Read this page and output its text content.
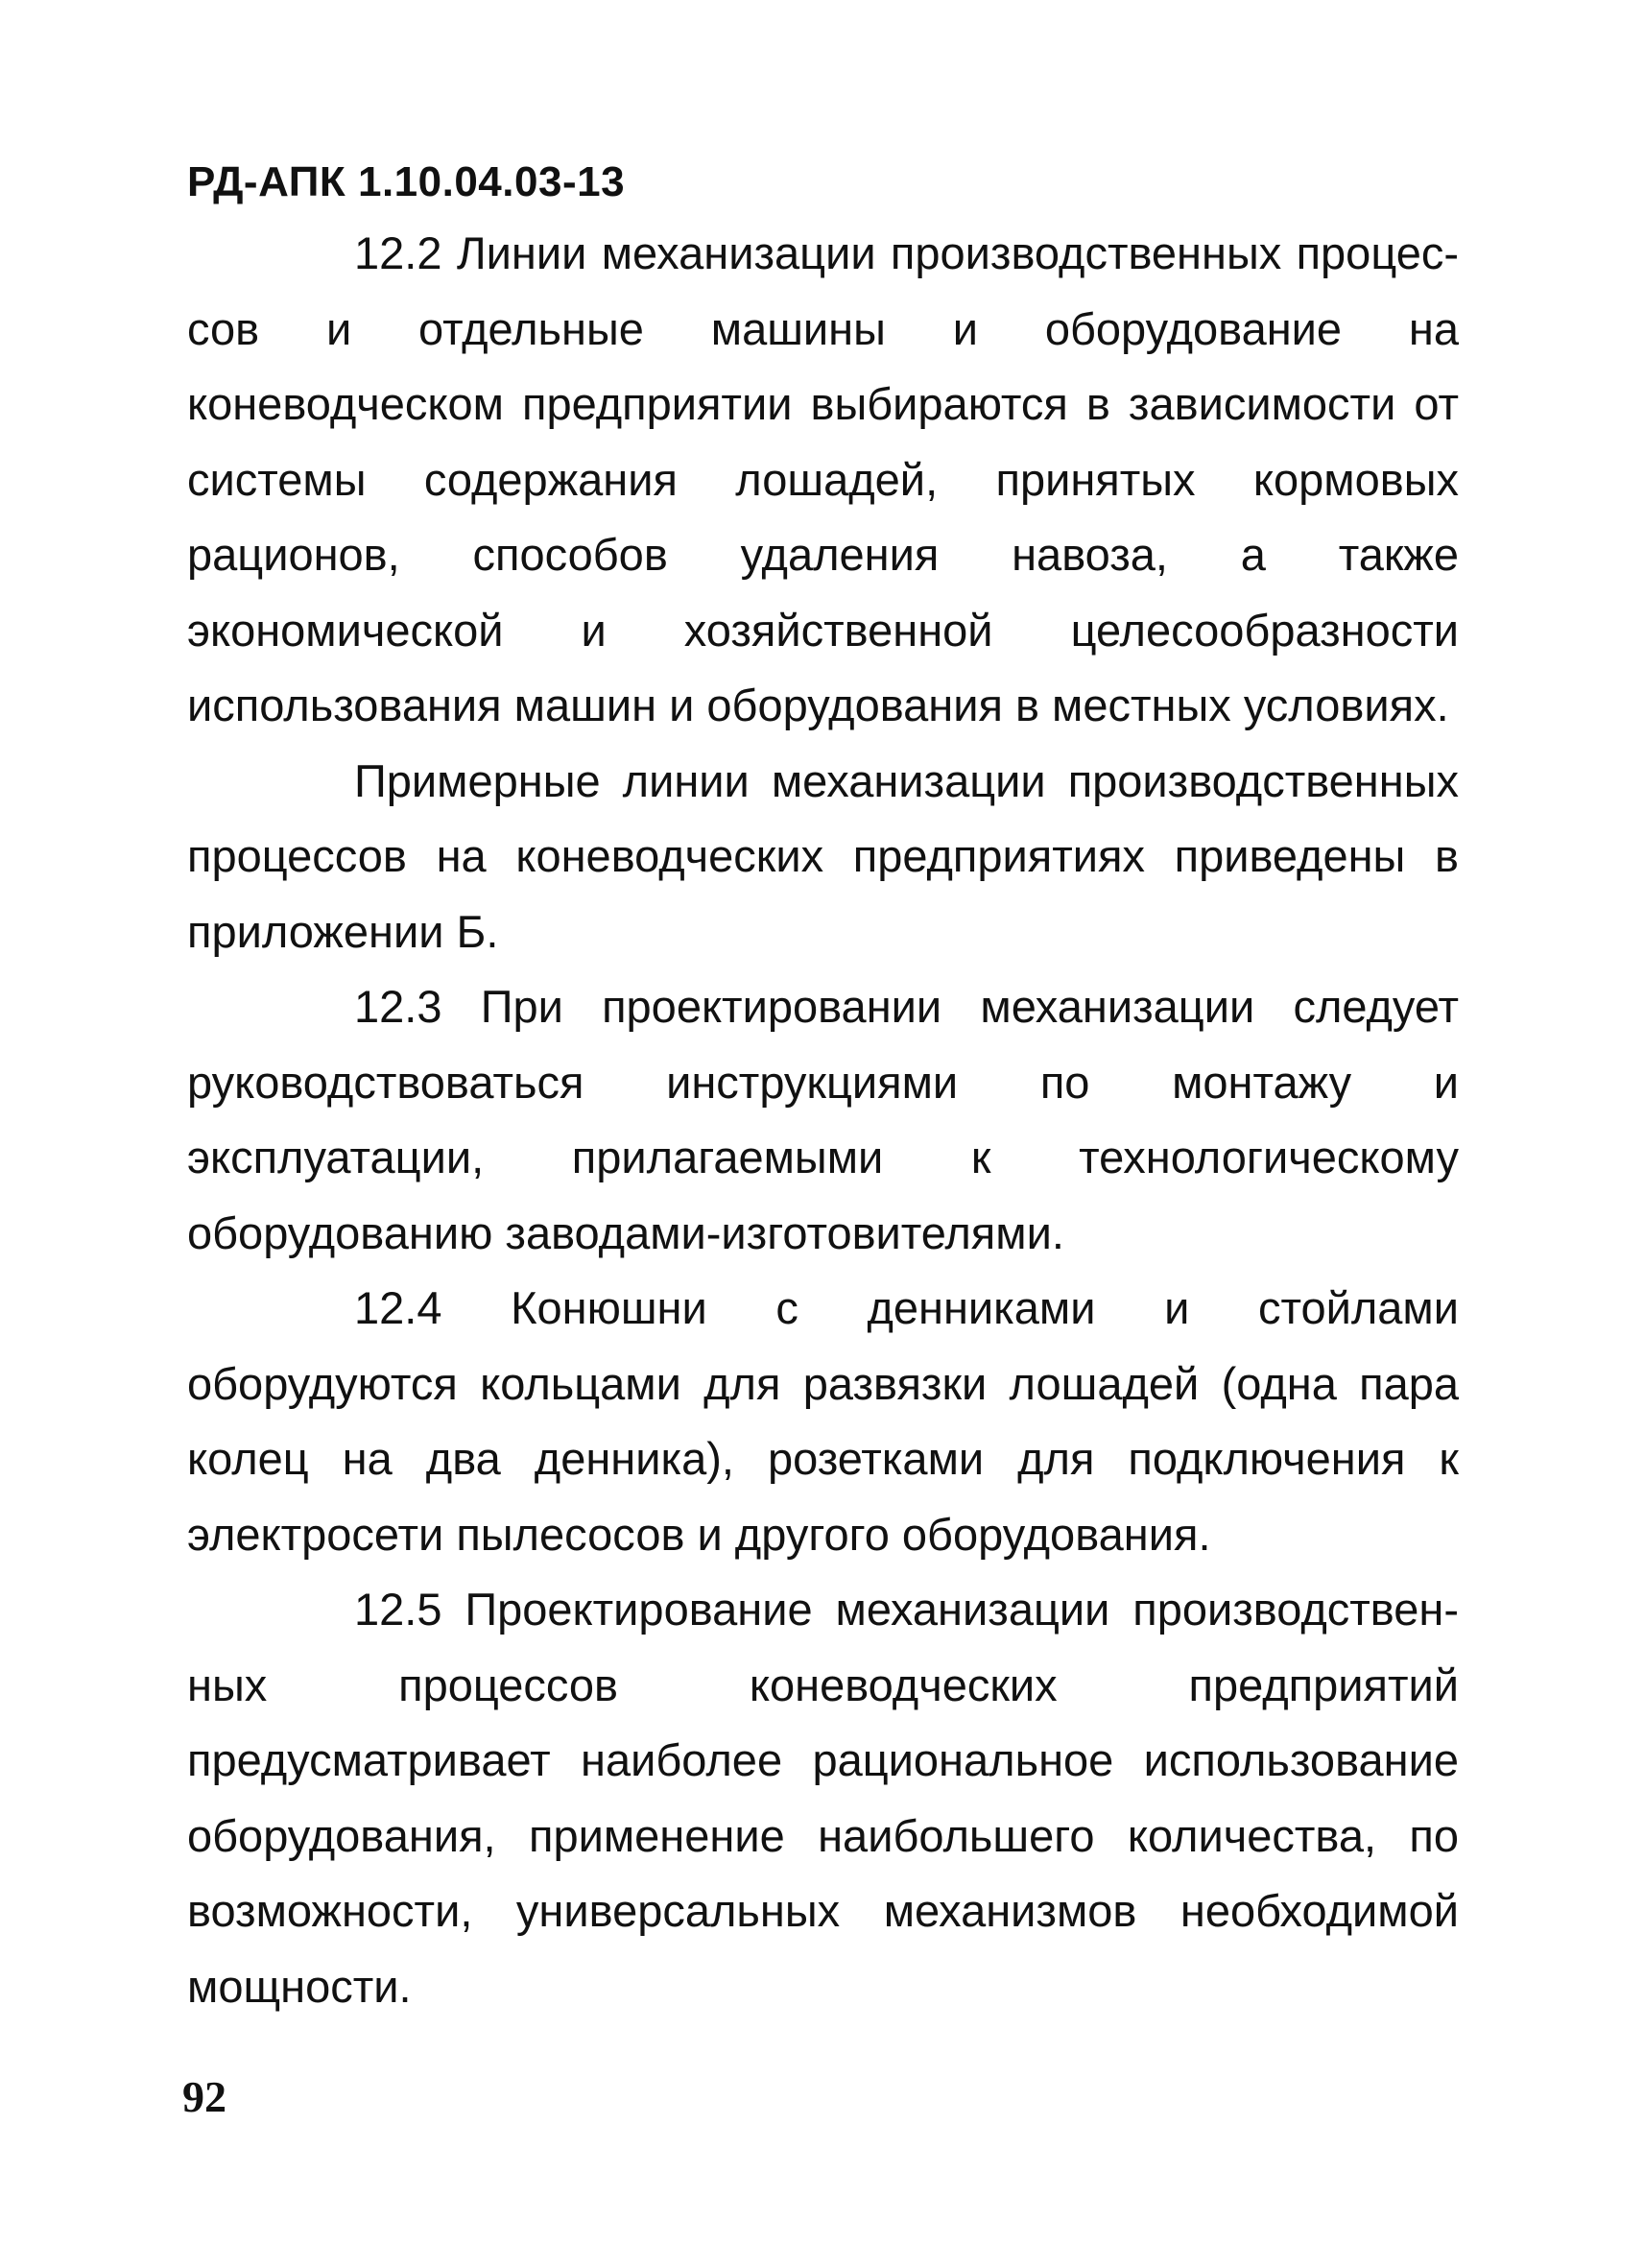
РД-АПК 1.10.04.03-13

12.2 Линии механизации производственных процессов и отдельные машины и оборудование на коневодческом предприятии выбираются в зависимости от системы содержания лошадей, принятых кормовых рационов, способов удаления навоза, а также экономической и хозяйственной целесообразности использования машин и оборудования в местных условиях.

Примерные линии механизации производственных процессов на коневодческих предприятиях приведены в приложении Б.

12.3 При проектировании механизации следует руководствоваться инструкциями по монтажу и эксплуатации, прилагаемыми к технологическому оборудованию заводами-изготовителями.

12.4 Конюшни с денниками и стойлами оборудуются кольцами для развязки лошадей (одна пара колец на два денника), розетками для подключения к электросети пылесосов и другого оборудования.

12.5 Проектирование механизации производственных процессов коневодческих предприятий предусматривает наиболее рациональное использование оборудования, применение наибольшего количества, по возможности, универсальных механизмов необходимой мощности.

92
